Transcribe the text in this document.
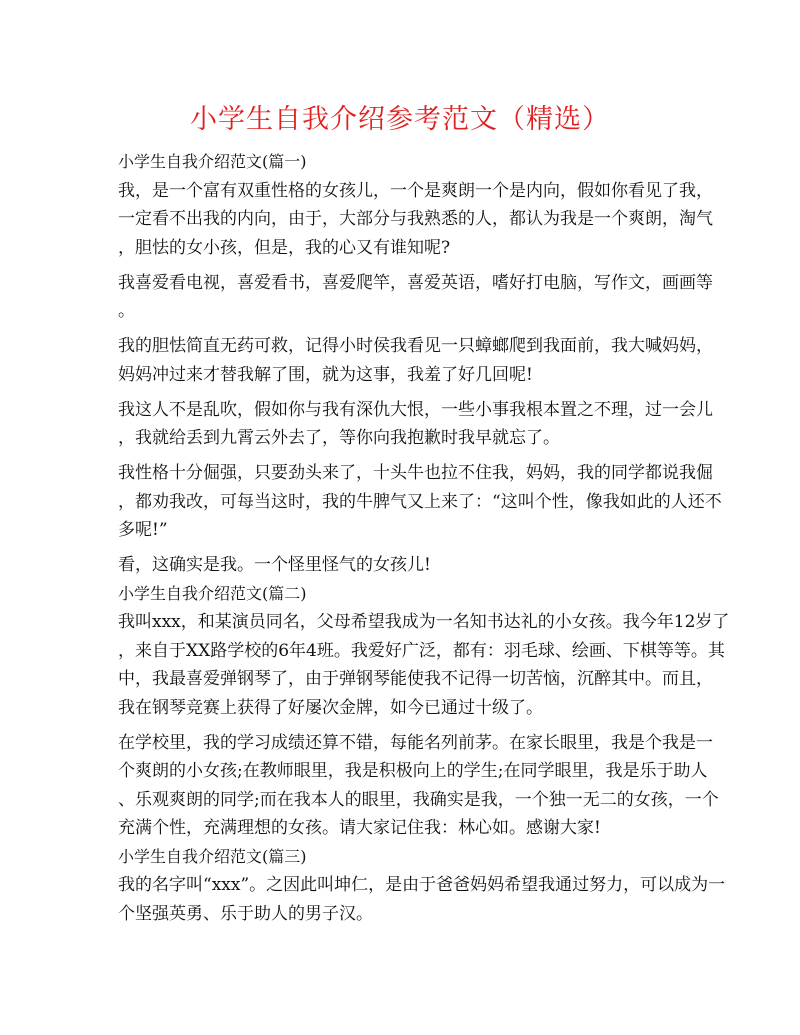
小学生自我介绍参考范文（精选）

小学生自我介绍范文(篇一)

我，是一个富有双重性格的女孩儿，一个是爽朗一个是内向，假如你看见了我，

一定看不出我的内向，由于，大部分与我熟悉的人，都认为我是一个爽朗，淘气

，胆怯的女小孩，但是，我的心又有谁知呢?

我喜爱看电视，喜爱看书，喜爱爬竿，喜爱英语，嗜好打电脑，写作文，画画等

。

我的胆怯简直无药可救，记得小时侯我看见一只蟑螂爬到我面前，我大喊妈妈，

妈妈冲过来才替我解了围，就为这事，我羞了好几回呢!

我这人不是乱吹，假如你与我有深仇大恨，一些小事我根本置之不理，过一会儿

，我就给丢到九霄云外去了，等你向我抱歉时我早就忘了。

我性格十分倔强，只要劲头来了，十头牛也拉不住我，妈妈，我的同学都说我倔

，都劝我改，可每当这时，我的牛脾气又上来了：“这叫个性，像我如此的人还不

多呢!”

看，这确实是我。一个怪里怪气的女孩儿!

小学生自我介绍范文(篇二)

我叫xxx，和某演员同名，父母希望我成为一名知书达礼的小女孩。我今年12岁了

，来自于XX路学校的6年4班。我爱好广泛，都有：羽毛球、绘画、下棋等等。其

中，我最喜爱弹钢琴了，由于弹钢琴能使我不记得一切苦恼，沉醉其中。而且，

我在钢琴竞赛上获得了好屡次金牌，如今已通过十级了。

在学校里，我的学习成绩还算不错，每能名列前茅。在家长眼里，我是个我是一

个爽朗的小女孩;在教师眼里，我是积极向上的学生;在同学眼里，我是乐于助人

、乐观爽朗的同学;而在我本人的眼里，我确实是我，一个独一无二的女孩，一个

充满个性，充满理想的女孩。请大家记住我：林心如。感谢大家!

小学生自我介绍范文(篇三)

我的名字叫“xxx”。之因此叫坤仁，是由于爸爸妈妈希望我通过努力，可以成为一

个坚强英勇、乐于助人的男子汉。
